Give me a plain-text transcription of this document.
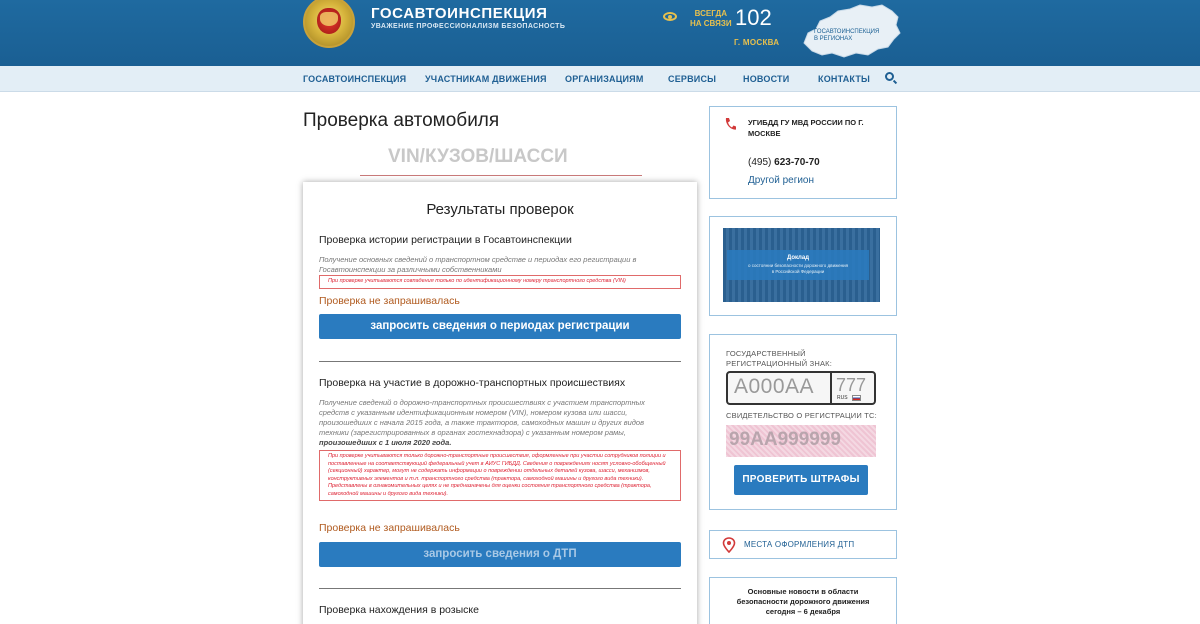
ГОСАВТОИНСПЕКЦИЯ
УВАЖЕНИЕ ПРОФЕССИОНАЛИЗМ БЕЗОПАСНОСТЬ
ВСЕГДА
НА СВЯЗИ 102
Г. МОСКВА
ГОСАВТОИНСПЕКЦИЯ
В РЕГИОНАХ
ГОСАВТОИНСПЕКЦИЯ УЧАСТНИКАМ ДВИЖЕНИЯ ОРГАНИЗАЦИЯМ	СЕРВИСЫ	НОВОСТИ	КОНТАКТЫ
Проверка автомобиля
VIN/КУЗОВ/ШАССИ
Результаты проверок
Проверка истории регистрации в Госавтоинспекции
Получение основных сведений о транспортном средстве и периодах его регистрации в Госавтоинспекции за различными собственниками
При проверке учитываются совпадения только по идентификационному номеру транспортного средства (VIN)
Проверка не запрашивалась
запросить сведения о периодах регистрации
Проверка на участие в дорожно-транспортных происшествиях
Получение сведений о дорожно-транспортных происшествиях с участием транспортных средств с указанным идентификационным номером (VIN), номером кузова или шасси, произошедших с начала 2015 года, а также тракторов, самоходных машин и других видов техники (зарегистрированных в органах гостехнадзора) с указанным номером рамы, произошедших с 1 июля 2020 года.
При проверке учитываются только дорожно-транспортные происшествия, оформленные при участии сотрудников полиции и поставленные на соответствующий федеральный учет в АИУС ГИБДД. Сведения о повреждениях носят условно-обобщенный (секционный) характер, могут не содержать информации о повреждении отдельных деталей кузова, шасси, механизмов, конструктивных элементов и т.п. транспортного средства (трактора, самоходной машины и другого вида техники). Представлены в ознакомительных целях и не предназначены для оценки состояния транспортного средства (трактора, самоходной машины и другого вида техники).
Проверка не запрашивалась
запросить сведения о ДТП
Проверка нахождения в розыске
УГИБДД ГУ МВД РОССИИ ПО Г. МОСКВЕ
(495) 623-70-70
Другой регион
Доклад
о состоянии безопасности дорожного движения
в Российской Федерации
ГОСУДАРСТВЕННЫЙ
РЕГИСТРАЦИОННЫЙ ЗНАК:
А000АА 777
RUS
СВИДЕТЕЛЬСТВО О РЕГИСТРАЦИИ ТС:
99АА999999
ПРОВЕРИТЬ ШТРАФЫ
МЕСТА ОФОРМЛЕНИЯ ДТП
Основные новости в области
безопасности дорожного движения
сегодня – 6 декабря
